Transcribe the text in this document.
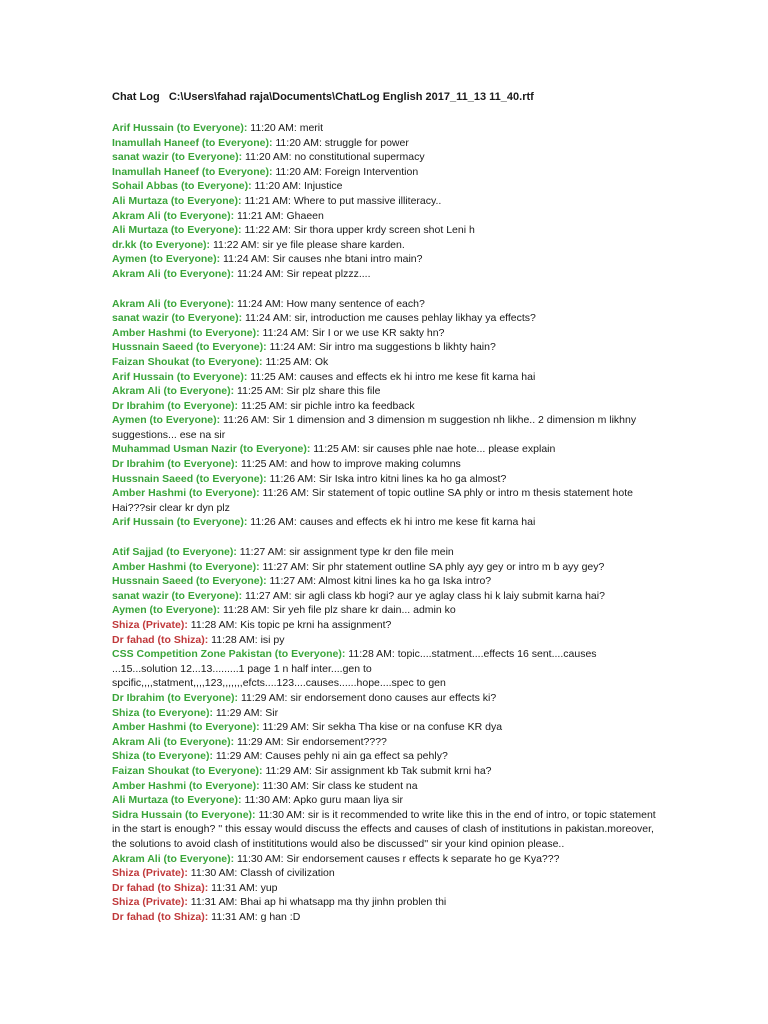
Chat Log   C:\Users\fahad raja\Documents\ChatLog English 2017_11_13 11_40.rtf
Arif Hussain (to Everyone): 11:20 AM: merit
Inamullah Haneef (to Everyone): 11:20 AM: struggle for power
sanat wazir (to Everyone): 11:20 AM: no constitutional supermacy
Inamullah Haneef (to Everyone): 11:20 AM: Foreign Intervention
Sohail Abbas (to Everyone): 11:20 AM: Injustice
Ali Murtaza (to Everyone): 11:21 AM: Where to put massive illiteracy..
Akram Ali (to Everyone): 11:21 AM: Ghaeen
Ali Murtaza (to Everyone): 11:22 AM: Sir thora upper krdy screen shot Leni h
dr.kk (to Everyone): 11:22 AM: sir ye file please share karden.
Aymen (to Everyone): 11:24 AM: Sir causes nhe btani intro main?
Akram Ali (to Everyone): 11:24 AM: Sir repeat plzzz....
Akram Ali (to Everyone): 11:24 AM: How many sentence of each?
sanat wazir (to Everyone): 11:24 AM: sir, introduction me causes pehlay likhay ya effects?
Amber Hashmi (to Everyone): 11:24 AM: Sir I or we use KR sakty hn?
Hussnain Saeed (to Everyone): 11:24 AM: Sir intro ma suggestions b likhty hain?
Faizan Shoukat (to Everyone): 11:25 AM: Ok
Arif Hussain (to Everyone): 11:25 AM: causes and effects ek hi intro me kese fit karna hai
Akram Ali (to Everyone): 11:25 AM: Sir plz share this file
Dr Ibrahim (to Everyone): 11:25 AM: sir pichle intro ka feedback
Aymen (to Everyone): 11:26 AM: Sir 1 dimension and 3 dimension m suggestion nh likhe.. 2 dimension m likhny suggestions... ese na sir
Muhammad Usman Nazir (to Everyone): 11:25 AM: sir causes phle nae hote... please explain
Dr Ibrahim (to Everyone): 11:25 AM: and how to improve making columns
Hussnain Saeed (to Everyone): 11:26 AM: Sir Iska intro kitni lines ka ho ga almost?
Amber Hashmi (to Everyone): 11:26 AM: Sir statement of topic outline SA phly or intro m thesis statement hote Hai???sir clear kr dyn plz
Arif Hussain (to Everyone): 11:26 AM: causes and effects ek hi intro me kese fit karna hai
Atif Sajjad (to Everyone): 11:27 AM: sir assignment type kr den file mein
Amber Hashmi (to Everyone): 11:27 AM: Sir phr statement outline SA phly ayy gey or intro m b ayy gey?
Hussnain Saeed (to Everyone): 11:27 AM: Almost kitni lines ka ho ga Iska intro?
sanat wazir (to Everyone): 11:27 AM: sir agli class kb hogi? aur ye aglay class hi k laiy submit karna hai?
Aymen (to Everyone): 11:28 AM: Sir yeh file plz share kr dain... admin ko
Shiza (Private): 11:28 AM: Kis topic pe krni ha assignment?
Dr fahad (to Shiza): 11:28 AM: isi py
CSS Competition Zone Pakistan (to Everyone): 11:28 AM: topic....statment....effects 16 sent....causes ...15...solution 12...13.........1 page 1 n half inter....gen to spcific,,,,statment,,,,123,,,,,,,efcts....123....causes......hope....spec to gen
Dr Ibrahim (to Everyone): 11:29 AM: sir endorsement dono causes aur effects ki?
Shiza (to Everyone): 11:29 AM: Sir
Amber Hashmi (to Everyone): 11:29 AM: Sir sekha Tha kise or na confuse KR dya
Akram Ali (to Everyone): 11:29 AM: Sir endorsement????
Shiza (to Everyone): 11:29 AM: Causes pehly ni ain ga effect sa pehly?
Faizan Shoukat (to Everyone): 11:29 AM: Sir assignment kb Tak submit krni ha?
Amber Hashmi (to Everyone): 11:30 AM: Sir class ke student na
Ali Murtaza (to Everyone): 11:30 AM: Apko guru maan liya sir
Sidra Hussain (to Everyone): 11:30 AM: sir is it recommended to write like this in the end of intro, or topic statement in the start is enough? '' this essay would discuss the effects and causes of clash of institutions in pakistan.moreover, the solutions to avoid clash of instititutions would also be discussed'' sir your kind opinion please..
Akram Ali (to Everyone): 11:30 AM: Sir endorsement causes r effects k separate ho ge Kya???
Shiza (Private): 11:30 AM: Classh of civilization
Dr fahad (to Shiza): 11:31 AM: yup
Shiza (Private): 11:31 AM: Bhai ap hi whatsapp ma thy jinhn problen thi
Dr fahad (to Shiza): 11:31 AM: g han :D
